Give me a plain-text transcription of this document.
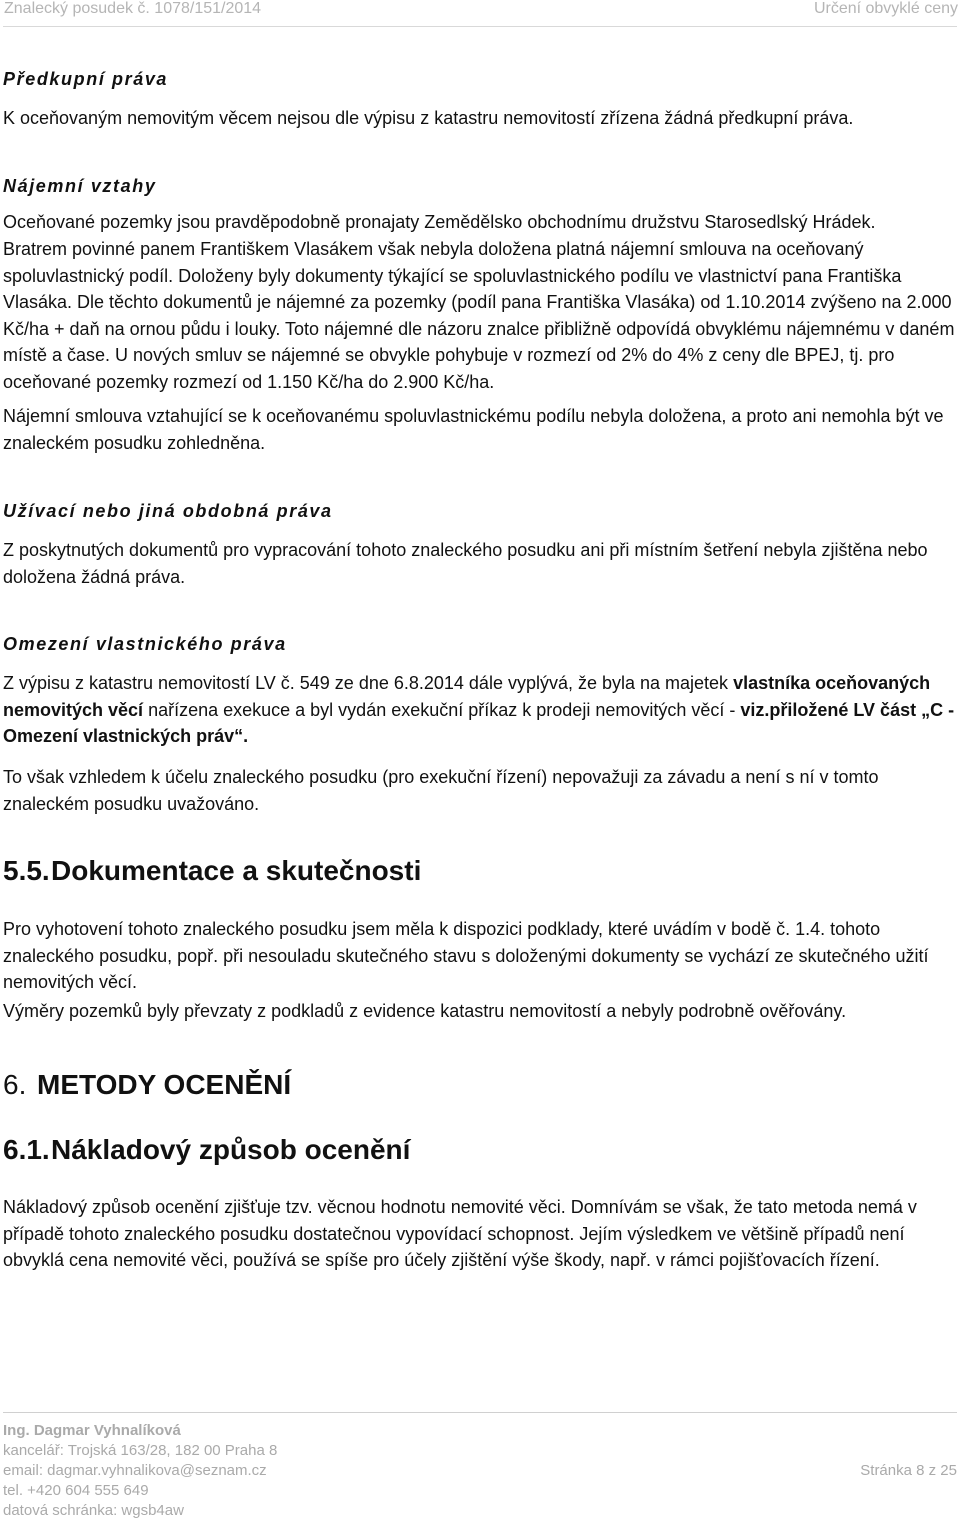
Znalecký posudek č. 1078/151/2014	Určení obvyklé ceny
Předkupní práva

K oceňovaným nemovitým věcem nejsou dle výpisu z katastru nemovitostí zřízena žádná předkupní práva.

Nájemní vztahy

Oceňované pozemky jsou pravděpodobně pronajaty Zemědělsko obchodnímu družstvu Starosedlský Hrádek.

Bratrem povinné panem Františkem Vlasákem však nebyla doložena platná nájemní smlouva na oceňovaný spoluvlastnický podíl. Doloženy byly dokumenty týkající se spoluvlastnického podílu ve vlastnictví pana Františka Vlasáka. Dle těchto dokumentů je nájemné za pozemky (podíl pana Františka Vlasáka) od 1.10.2014 zvýšeno na 2.000 Kč/ha + daň na ornou půdu i louky. Toto nájemné dle názoru znalce přibližně odpovídá obvyklému nájemnému v daném místě a čase. U nových smluv se nájemné se obvykle pohybuje v rozmezí od 2% do 4% z ceny dle BPEJ, tj. pro oceňované pozemky rozmezí od 1.150 Kč/ha do 2.900 Kč/ha.

Nájemní smlouva vztahující se k oceňovanému spoluvlastnickému podílu nebyla doložena, a proto ani nemohla být ve znaleckém posudku zohledněna.

Užívací nebo jiná obdobná práva

Z poskytnutých dokumentů pro vypracování tohoto znaleckého posudku ani při místním šetření nebyla zjištěna nebo doložena žádná práva.

Omezení vlastnického práva

Z výpisu z katastru nemovitostí LV č. 549 ze dne 6.8.2014 dále vyplývá, že byla na majetek vlastníka oceňovaných nemovitých věcí nařízena exekuce a byl vydán exekuční příkaz k prodeji nemovitých věcí - viz.přiložené LV část „C - Omezení vlastnických práv“.

To však vzhledem k účelu znaleckého posudku (pro exekuční řízení) nepovažuji za závadu a není s ní v tomto znaleckém posudku uvažováno.

5.5.Dokumentace a skutečnosti

Pro vyhotovení tohoto znaleckého posudku jsem měla k dispozici podklady, které uvádím v bodě č. 1.4. tohoto znaleckého posudku, popř. při nesouladu skutečného stavu s doloženými dokumenty se vychází ze skutečného užití nemovitých věcí.

Výměry pozemků byly převzaty z podkladů z evidence katastru nemovitostí a nebyly podrobně ověřovány.

6. METODY OCENĚNÍ
6.1.Nákladový způsob ocenění

Nákladový způsob ocenění zjišťuje tzv. věcnou hodnotu nemovité věci. Domnívám se však, že tato metoda nemá v případě tohoto znaleckého posudku dostatečnou vypovídací schopnost. Jejím výsledkem ve většině případů není obvyklá cena nemovité věci, používá se spíše pro účely zjištění výše škody, např. v rámci pojišťovacích řízení.

Ing. Dagmar Vyhnalíková
kancelář: Trojská 163/28, 182 00 Praha 8
email: dagmar.vyhnalikova@seznam.cz
tel. +420 604 555 649
datová schránka: wgsb4aw
Stránka 8 z 25
